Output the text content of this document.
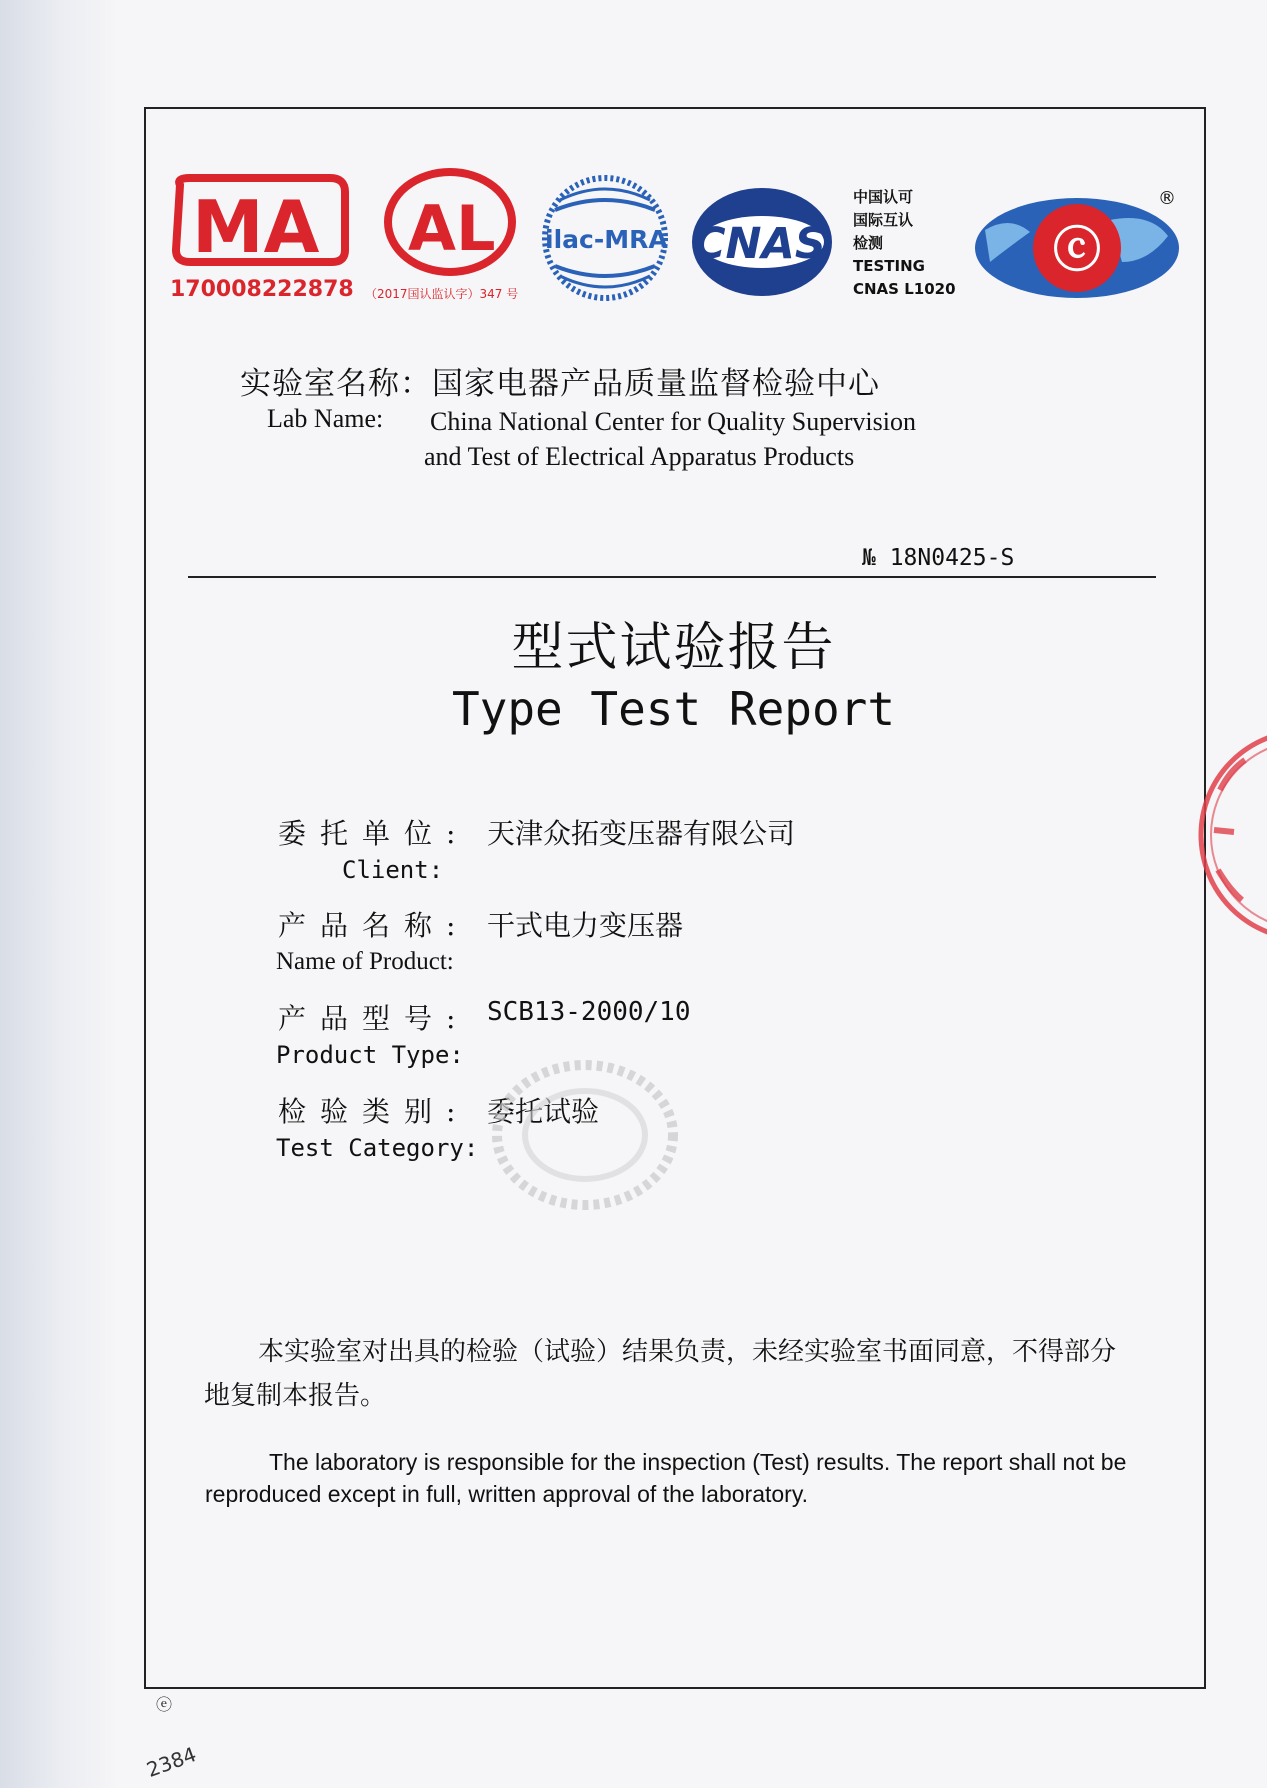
MA
170008222878
AL
（2017国认监认字）347 号
ilac-MRA CNAS
中国认可
国际互认
检测
TESTING
CNAS L1020
ⓒ
®
实验室名称：国家电器产品质量监督检验中心
Lab Name: China National Center for Quality Supervision
and Test of Electrical Apparatus Products
№ 18N0425-S
型式试验报告
Type Test Report
委托单位: 天津众拓变压器有限公司
Client:
产品名称: 干式电力变压器
Name of Product:
产品型号: SCB13-2000/10
Product Type:
检验类别: 委托试验
Test Category:
本实验室对出具的检验（试验）结果负责，未经实验室书面同意，不得部分地复制本报告。
The laboratory is responsible for the inspection (Test) results. The report shall not be reproduced except in full, written approval of the laboratory.
ⓔ
2384
